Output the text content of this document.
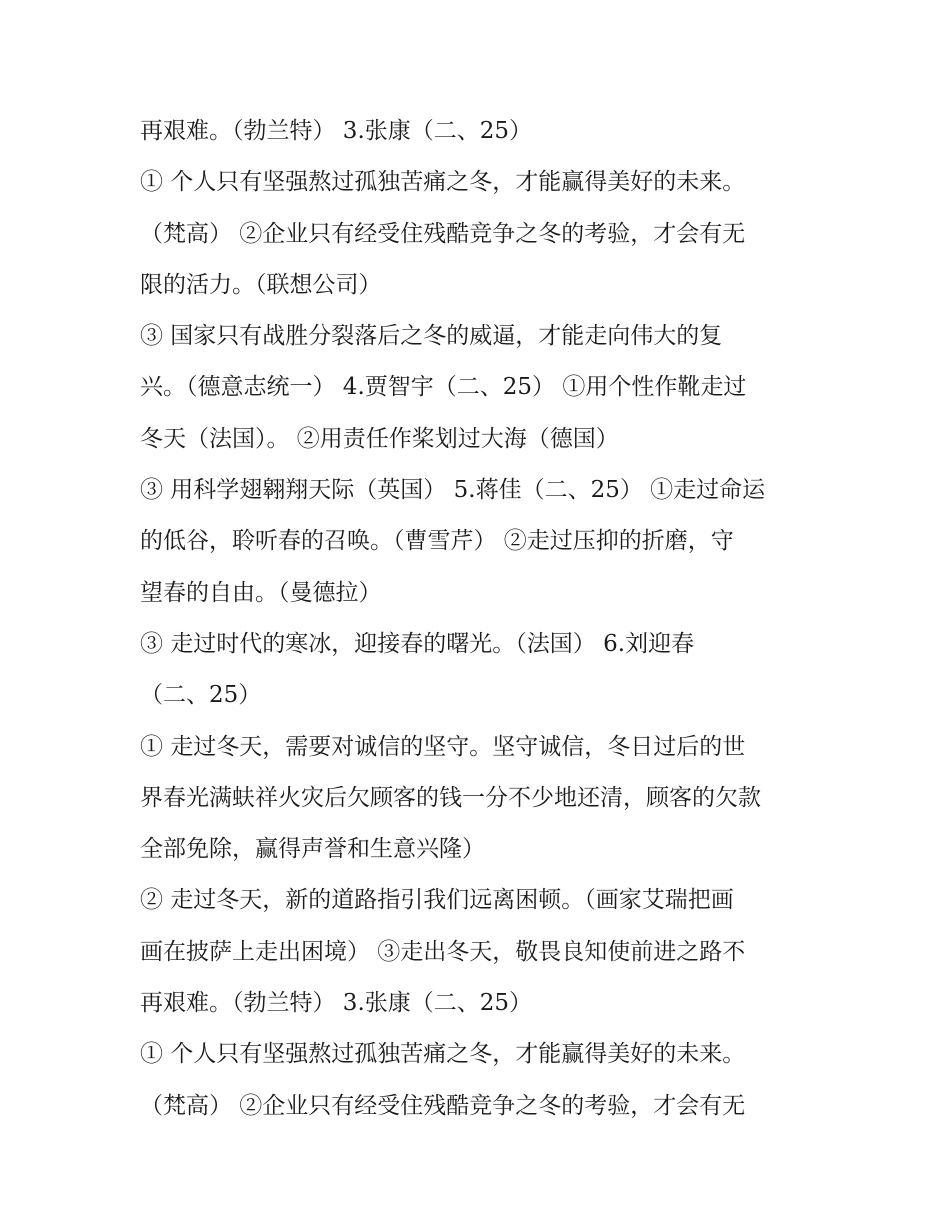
再艰难。（勃兰特） 3.张康（二、25）
① 个人只有坚强熬过孤独苦痛之冬，才能赢得美好的未来。
（梵高） ②企业只有经受住残酷竞争之冬的考验，才会有无
限的活力。（联想公司）
③ 国家只有战胜分裂落后之冬的威逼，才能走向伟大的复
兴。（德意志统一） 4.贾智宇（二、25） ①用个性作靴走过
冬天（法国）。 ②用责任作桨划过大海（德国）
③ 用科学翅翱翔天际（英国） 5.蒋佳（二、25） ①走过命运
的低谷，聆听春的召唤。（曹雪芹） ②走过压抑的折磨，守
望春的自由。（曼德拉）
③ 走过时代的寒冰，迎接春的曙光。（法国） 6.刘迎春
（二、25）
① 走过冬天，需要对诚信的坚守。坚守诚信，冬日过后的世
界春光满蚨祥火灾后欠顾客的钱一分不少地还清，顾客的欠款
全部免除，赢得声誉和生意兴隆）
② 走过冬天，新的道路指引我们远离困顿。（画家艾瑞把画
画在披萨上走出困境） ③走出冬天，敬畏良知使前进之路不
再艰难。（勃兰特） 3.张康（二、25）
① 个人只有坚强熬过孤独苦痛之冬，才能赢得美好的未来。
（梵高） ②企业只有经受住残酷竞争之冬的考验，才会有无
